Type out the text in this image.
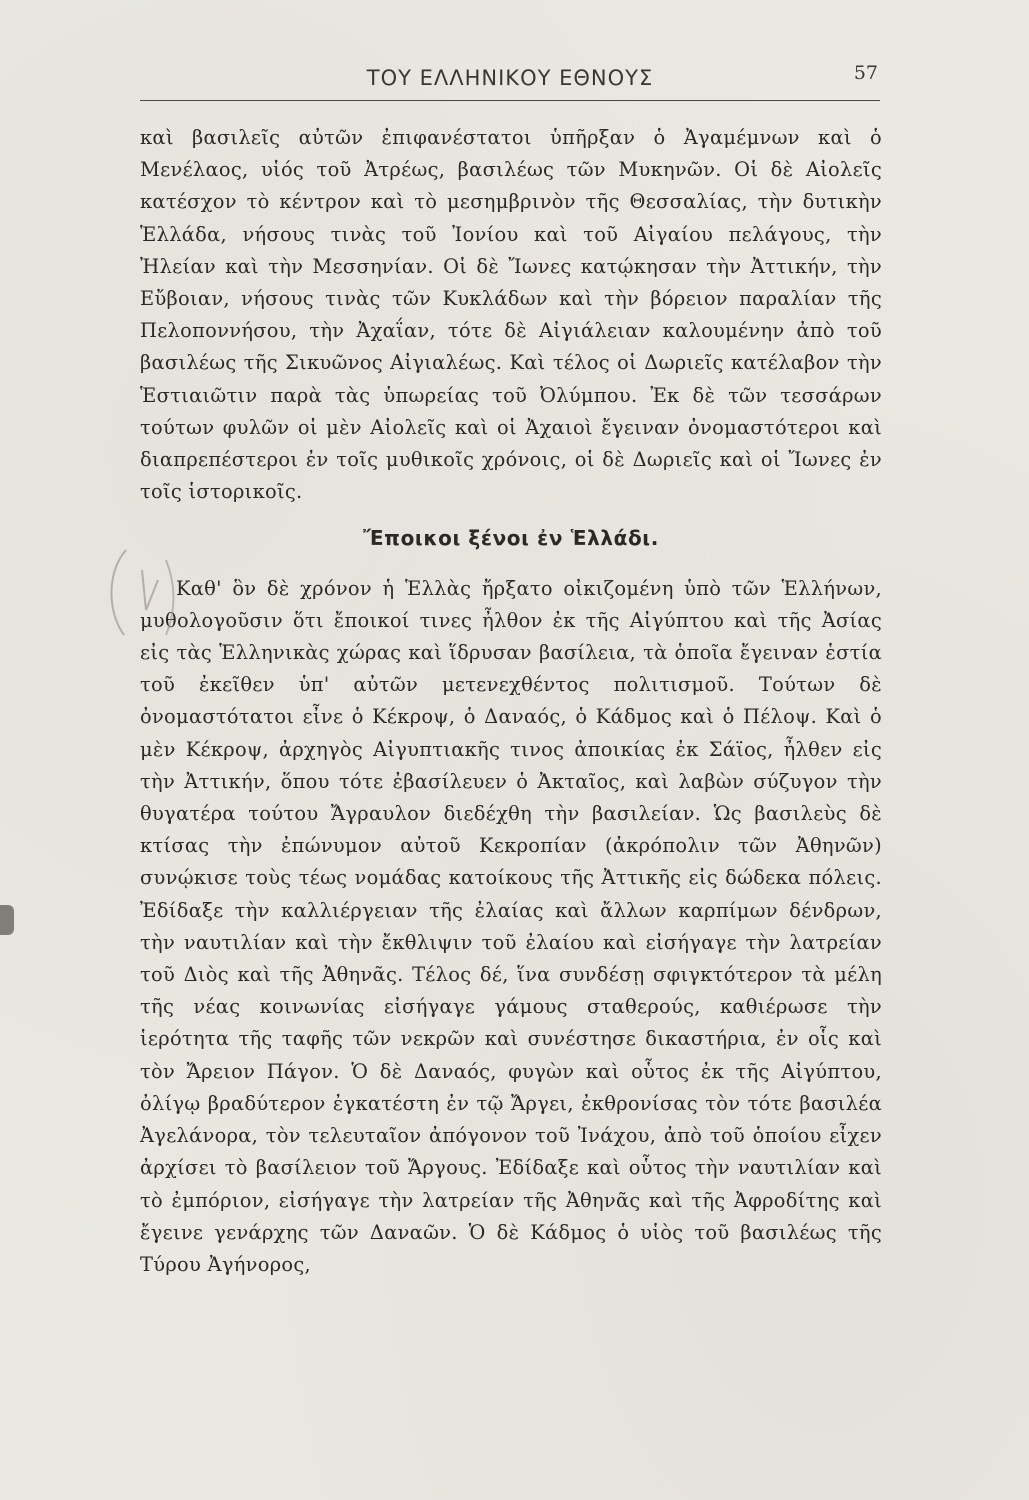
ΤΟΥ ΕΛΛΗΝΙΚΟΥ ΕΘΝΟΥΣ	57

καὶ βασιλεῖς αὐτῶν ἐπιφανέστατοι ὑπῆρξαν ὁ Ἀγαμέμνων καὶ ὁ Μενέλαος, υἱός τοῦ Ἀτρέως, βασιλέως τῶν Μυκηνῶν. Οἱ δὲ Αἰολεῖς κατέσχον τὸ κέντρον καὶ τὸ μεσημβρινὸν τῆς Θεσσαλίας, τὴν δυτικὴν Ἑλλάδα, νήσους τινὰς τοῦ Ἰονίου καὶ τοῦ Αἰγαίου πελάγους, τὴν Ἠλείαν καὶ τὴν Μεσσηνίαν. Οἱ δὲ Ἴωνες κατῴκησαν τὴν Ἀττικήν, τὴν Εὔβοιαν, νήσους τινὰς τῶν Κυκλάδων καὶ τὴν βόρειον παραλίαν τῆς Πελοποννήσου, τὴν Ἀχαΐαν, τότε δὲ Αἰγιάλειαν καλουμένην ἀπὸ τοῦ βασιλέως τῆς Σικυῶνος Αἰγιαλέως. Καὶ τέλος οἱ Δωριεῖς κατέλαβον τὴν Ἑστιαιῶτιν παρὰ τὰς ὑπωρείας τοῦ Ὀλύμπου. Ἐκ δὲ τῶν τεσσάρων τούτων φυλῶν οἱ μὲν Αἰολεῖς καὶ οἱ Ἀχαιοὶ ἔγειναν ὀνομαστότεροι καὶ διαπρεπέστεροι ἐν τοῖς μυθικοῖς χρόνοις, οἱ δὲ Δωριεῖς καὶ οἱ Ἴωνες ἐν τοῖς ἱστορικοῖς.

Ἔποικοι ξένοι ἐν Ἑλλάδι.

Καθ' ὃν δὲ χρόνον ἡ Ἑλλὰς ἤρξατο οἰκιζομένη ὑπὸ τῶν Ἑλλήνων, μυθολογοῦσιν ὅτι ἔποικοί τινες ἦλθον ἐκ τῆς Αἰγύπτου καὶ τῆς Ἀσίας εἰς τὰς Ἑλληνικὰς χώρας καὶ ἵδρυσαν βασίλεια, τὰ ὁποῖα ἔγειναν ἑστία τοῦ ἐκεῖθεν ὑπ' αὐτῶν μετενεχθέντος πολιτισμοῦ. Τούτων δὲ ὀνομαστότατοι εἶνε ὁ Κέκροψ, ὁ Δαναός, ὁ Κάδμος καὶ ὁ Πέλοψ. Καὶ ὁ μὲν Κέκροψ, ἀρχηγὸς Αἰγυπτιακῆς τινος ἀποικίας ἐκ Σάϊος, ἦλθεν εἰς τὴν Ἀττικήν, ὅπου τότε ἐβασίλευεν ὁ Ἀκταῖος, καὶ λαβὼν σύζυγον τὴν θυγατέρα τούτου Ἄγραυλον διεδέχθη τὴν βασιλείαν. Ὡς βασιλεὺς δὲ κτίσας τὴν ἐπώνυμον αὐτοῦ Κεκροπίαν (ἀκρόπολιν τῶν Ἀθηνῶν) συνῴκισε τοὺς τέως νομάδας κατοίκους τῆς Ἀττικῆς εἰς δώδεκα πόλεις. Ἐδίδαξε τὴν καλλιέργειαν τῆς ἐλαίας καὶ ἄλλων καρπίμων δένδρων, τὴν ναυτιλίαν καὶ τὴν ἔκθλιψιν τοῦ ἐλαίου καὶ εἰσήγαγε τὴν λατρείαν τοῦ Διὸς καὶ τῆς Ἀθηνᾶς. Τέλος δέ, ἵνα συνδέσῃ σφιγκτότερον τὰ μέλη τῆς νέας κοινωνίας εἰσήγαγε γάμους σταθερούς, καθιέρωσε τὴν ἱερότητα τῆς ταφῆς τῶν νεκρῶν καὶ συνέστησε δικαστήρια, ἐν οἷς καὶ τὸν Ἄρειον Πάγον. Ὁ δὲ Δαναός, φυγὼν καὶ οὗτος ἐκ τῆς Αἰγύπτου, ὀλίγῳ βραδύτερον ἐγκατέστη ἐν τῷ Ἄργει, ἐκθρονίσας τὸν τότε βασιλέα Ἀγελάνορα, τὸν τελευταῖον ἀπόγονον τοῦ Ἰνάχου, ἀπὸ τοῦ ὁποίου εἶχεν ἀρχίσει τὸ βασίλειον τοῦ Ἄργους. Ἐδίδαξε καὶ οὗτος τὴν ναυτιλίαν καὶ τὸ ἐμπόριον, εἰσήγαγε τὴν λατρείαν τῆς Ἀθηνᾶς καὶ τῆς Ἀφροδίτης καὶ ἔγεινε γενάρχης τῶν Δαναῶν. Ὁ δὲ Κάδμος ὁ υἱὸς τοῦ βασιλέως τῆς Τύρου Ἀγήνορος,
